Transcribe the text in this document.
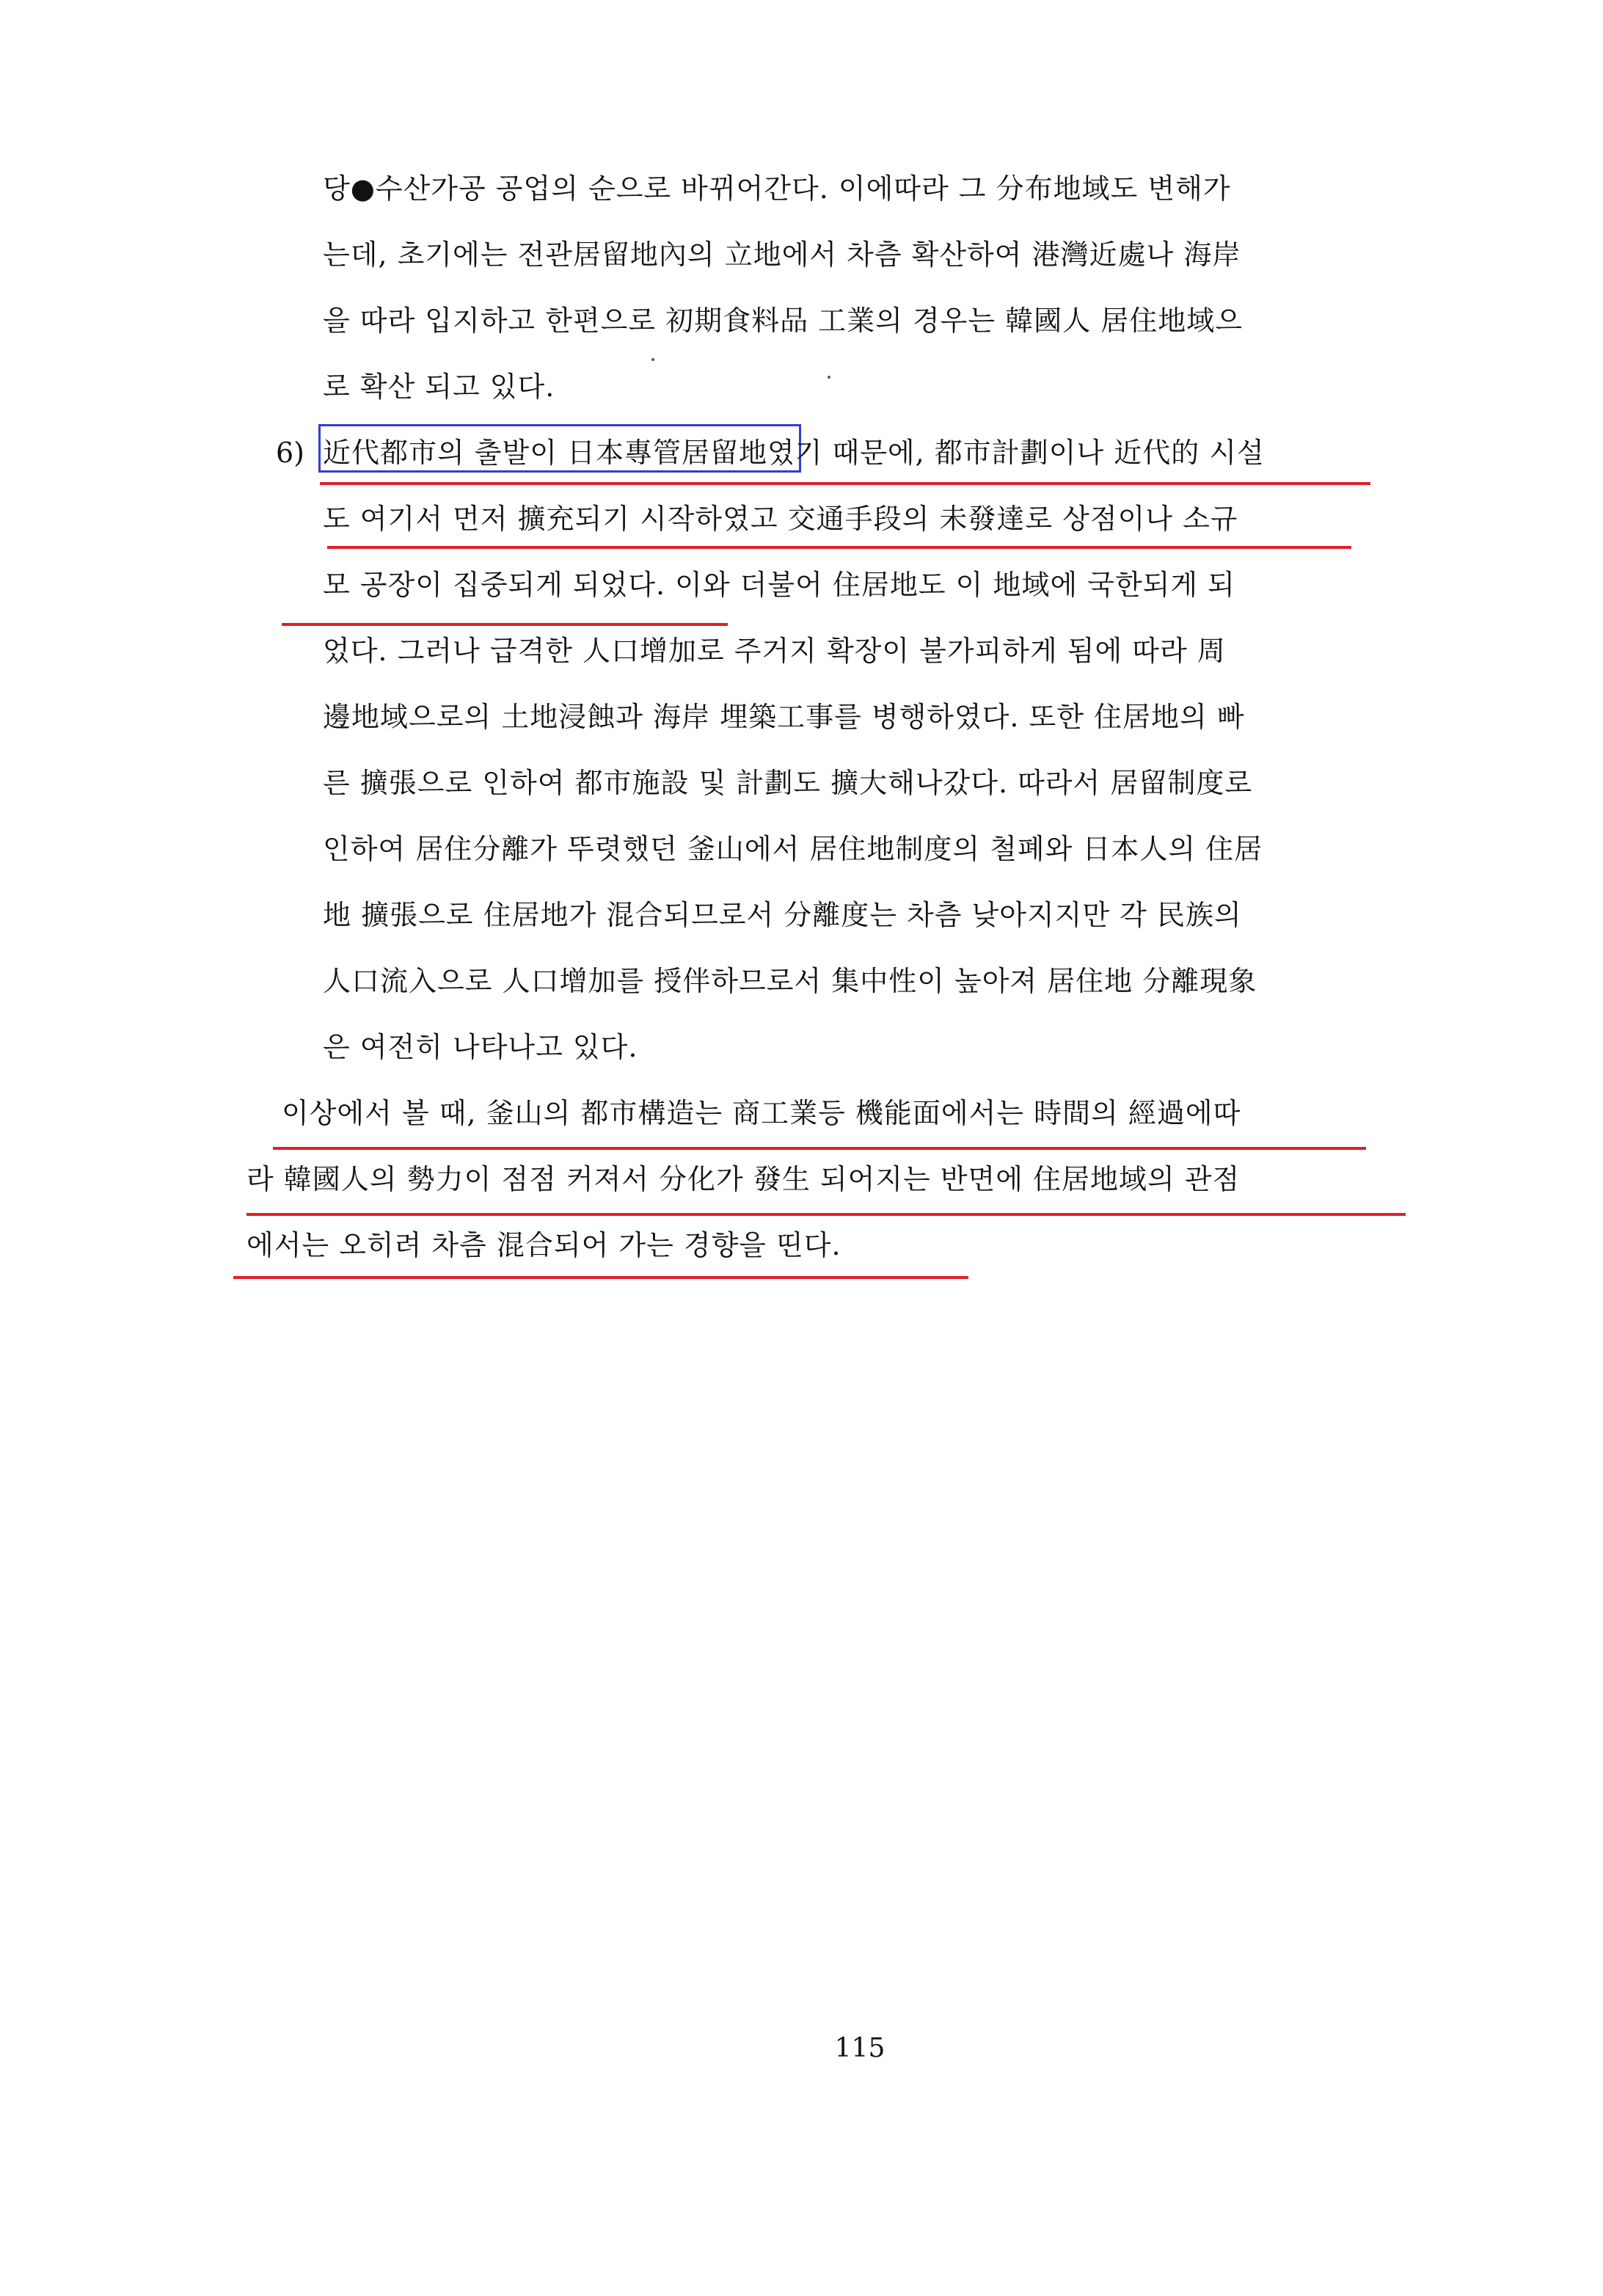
당●수산가공 공업의 순으로 바뀌어간다. 이에따라 그 分布地域도 변해가
는데, 초기에는 전관居留地內의 立地에서 차츰 확산하여 港灣近處나 海岸
을 따라 입지하고 한편으로 初期食料品 工業의 경우는 韓國人 居住地域으
로 확산 되고 있다.
6) 近代都市의 출발이 日本專管居留地였기 때문에, 都市計劃이나 近代的 시설
도 여기서 먼저 擴充되기 시작하였고 交通手段의 未發達로 상점이나 소규
모 공장이 집중되게 되었다. 이와 더불어 住居地도 이 地域에 국한되게 되
었다. 그러나 급격한 人口增加로 주거지 확장이 불가피하게 됨에 따라 周
邊地域으로의 土地浸蝕과 海岸 埋築工事를 병행하였다. 또한 住居地의 빠
른 擴張으로 인하여 都市施設 및 計劃도 擴大해나갔다. 따라서 居留制度로
인하여 居住分離가 뚜렷했던 釜山에서 居住地制度의 철폐와 日本人의 住居
地 擴張으로 住居地가 混合되므로서 分離度는 차츰 낮아지지만 각 民族의
人口流入으로 人口增加를 授伴하므로서 集中性이 높아져 居住地 分離現象
은 여전히 나타나고 있다.
이상에서 볼 때, 釜山의 都市構造는 商工業등 機能面에서는 時間의 經過에따
라 韓國人의 勢力이 점점 커져서 分化가 發生 되어지는 반면에 住居地域의 관점
에서는 오히려 차츰 混合되어 가는 경향을 띤다.
115
